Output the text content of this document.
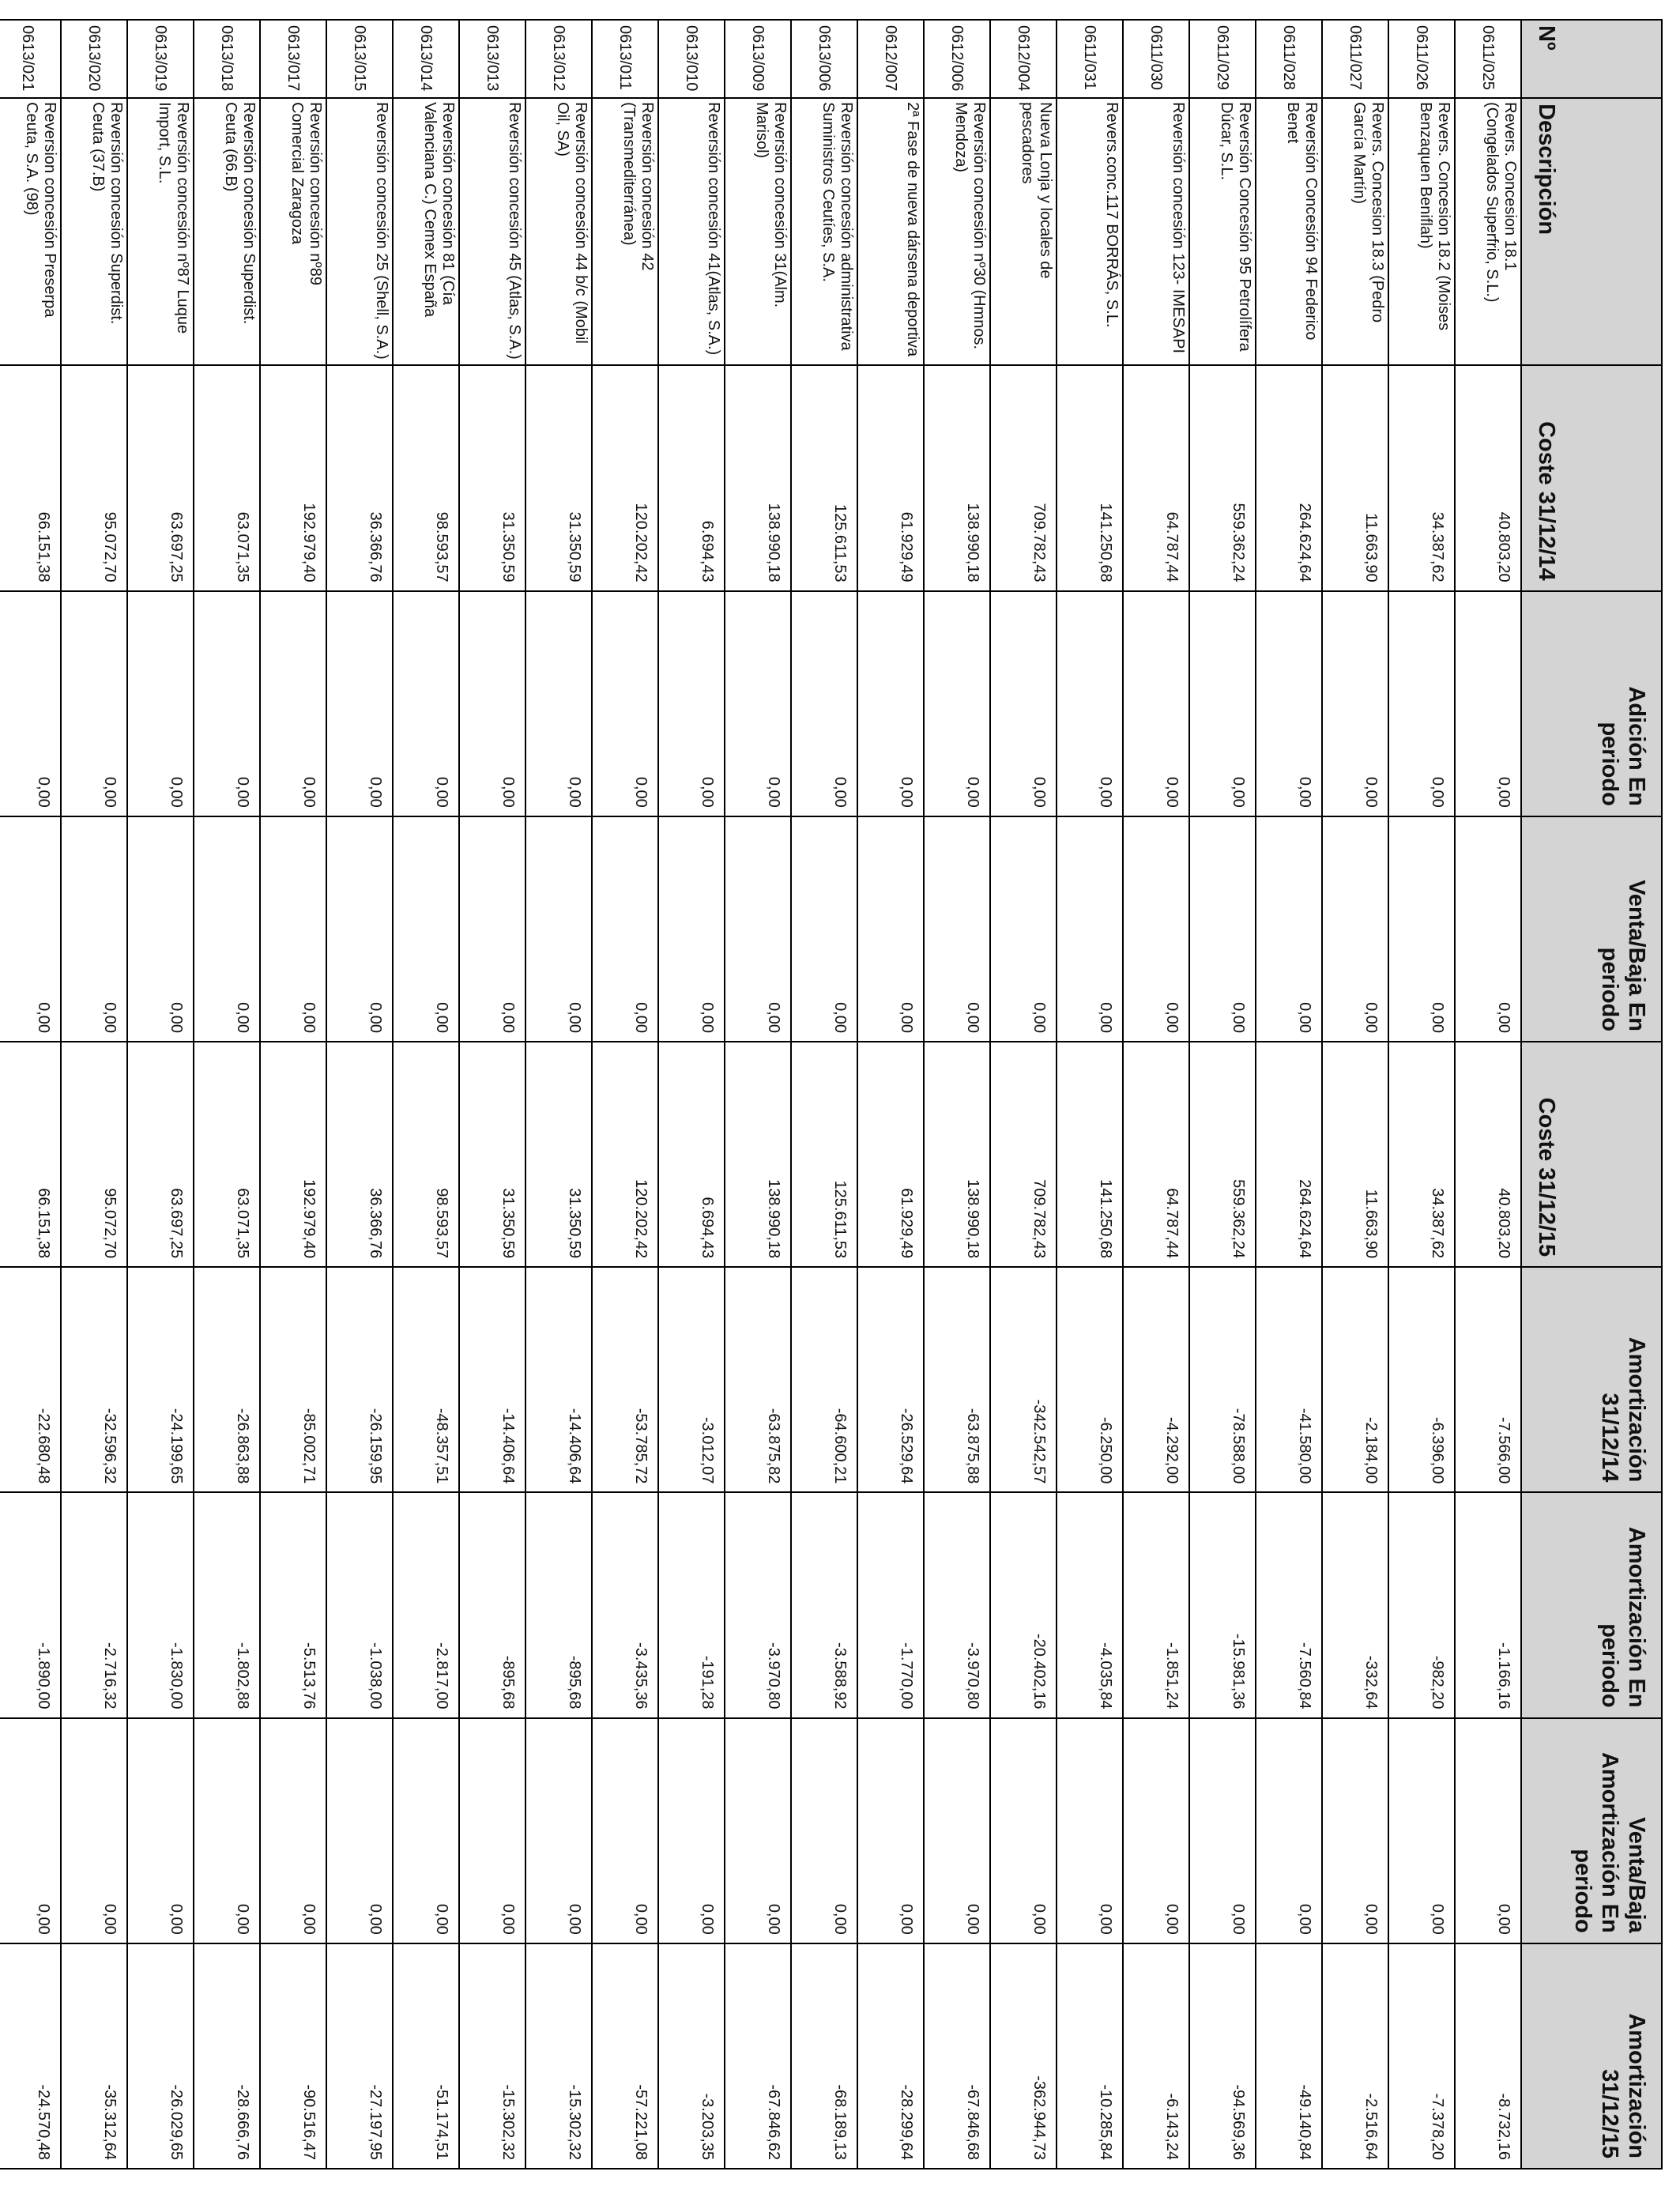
Nº	Descripción	Coste 31/12/14	Adición En periodo	Venta/Baja En periodo	Coste 31/12/15	Amortización 31/12/14	Amortización En periodo	Venta/Baja Amortización En periodo	Amortización 31/12/15
0611/025	Revers. Concesion 18.1 (Congelados Superfrio, S.L.)	40.803,20	0,00	0,00	40.803,20	-7.566,00	-1.166,16	0,00	-8.732,16
0611/026	Revers. Concesion 18.2 (Moises Benzaquen Beniflah)	34.387,62	0,00	0,00	34.387,62	-6.396,00	-982,20	0,00	-7.378,20
0611/027	Revers. Concesion 18.3 (Pedro García Martín)	11.663,90	0,00	0,00	11.663,90	-2.184,00	-332,64	0,00	-2.516,64
0611/028	Reversión Concesión 94 Federico Benet	264.624,64	0,00	0,00	264.624,64	-41.580,00	-7.560,84	0,00	-49.140,84
0611/029	Reversión Concesión 95 Petrolífera Dúcar, S.L.	559.362,24	0,00	0,00	559.362,24	-78.588,00	-15.981,36	0,00	-94.569,36
0611/030	Reversión concesión 123- IMESAPI	64.787,44	0,00	0,00	64.787,44	-4.292,00	-1.851,24	0,00	-6.143,24
0611/031	Revers.conc.117 BORRÁS, S.L.	141.250,68	0,00	0,00	141.250,68	-6.250,00	-4.035,84	0,00	-10.285,84
0612/004	Nueva Lonja y locales de pescadores	709.782,43	0,00	0,00	709.782,43	-342.542,57	-20.402,16	0,00	-362.944,73
0612/006	Reversión concesión nº30 (Hmnos. Mendoza)	138.990,18	0,00	0,00	138.990,18	-63.875,88	-3.970,80	0,00	-67.846,68
0612/007	2ª Fase de nueva dársena deportiva	61.929,49	0,00	0,00	61.929,49	-26.529,64	-1.770,00	0,00	-28.299,64
0613/006	Reversión concesión administrativa Suministros Ceutíes, S.A.	125.611,53	0,00	0,00	125.611,53	-64.600,21	-3.588,92	0,00	-68.189,13
0613/009	Reversión concesión 31(Alm. Marisol)	138.990,18	0,00	0,00	138.990,18	-63.875,82	-3.970,80	0,00	-67.846,62
0613/010	Reversión concesión 41(Atlas, S.A.)	6.694,43	0,00	0,00	6.694,43	-3.012,07	-191,28	0,00	-3.203,35
0613/011	Reversión concesión 42 (Transmediterránea)	120.202,42	0,00	0,00	120.202,42	-53.785,72	-3.435,36	0,00	-57.221,08
0613/012	Reversión concesión 44 b/c (Mobil Oil, SA)	31.350,59	0,00	0,00	31.350,59	-14.406,64	-895,68	0,00	-15.302,32
0613/013	Reversión concesión 45 (Atlas, S.A.)	31.350,59	0,00	0,00	31.350,59	-14.406,64	-895,68	0,00	-15.302,32
0613/014	Reversión concesión 81 (Cía Valenciana C.) Cemex España	98.593,57	0,00	0,00	98.593,57	-48.357,51	-2.817,00	0,00	-51.174,51
0613/015	Reversión concesión 25 (Shell, S.A.)	36.366,76	0,00	0,00	36.366,76	-26.159,95	-1.038,00	0,00	-27.197,95
0613/017	Reversión concesión nº89 Comercial Zaragoza	192.979,40	0,00	0,00	192.979,40	-85.002,71	-5.513,76	0,00	-90.516,47
0613/018	Reversión concesión Superdist. Ceuta (66.B)	63.071,35	0,00	0,00	63.071,35	-26.863,88	-1.802,88	0,00	-28.666,76
0613/019	Reversión concesión nº87 Luque Import, S.L.	63.697,25	0,00	0,00	63.697,25	-24.199,65	-1.830,00	0,00	-26.029,65
0613/020	Reversión concesión Superdist. Ceuta (37.B)	95.072,70	0,00	0,00	95.072,70	-32.596,32	-2.716,32	0,00	-35.312,64
0613/021	Reversion concesión Preserpa Ceuta, S.A. (98)	66.151,38	0,00	0,00	66.151,38	-22.680,48	-1.890,00	0,00	-24.570,48
